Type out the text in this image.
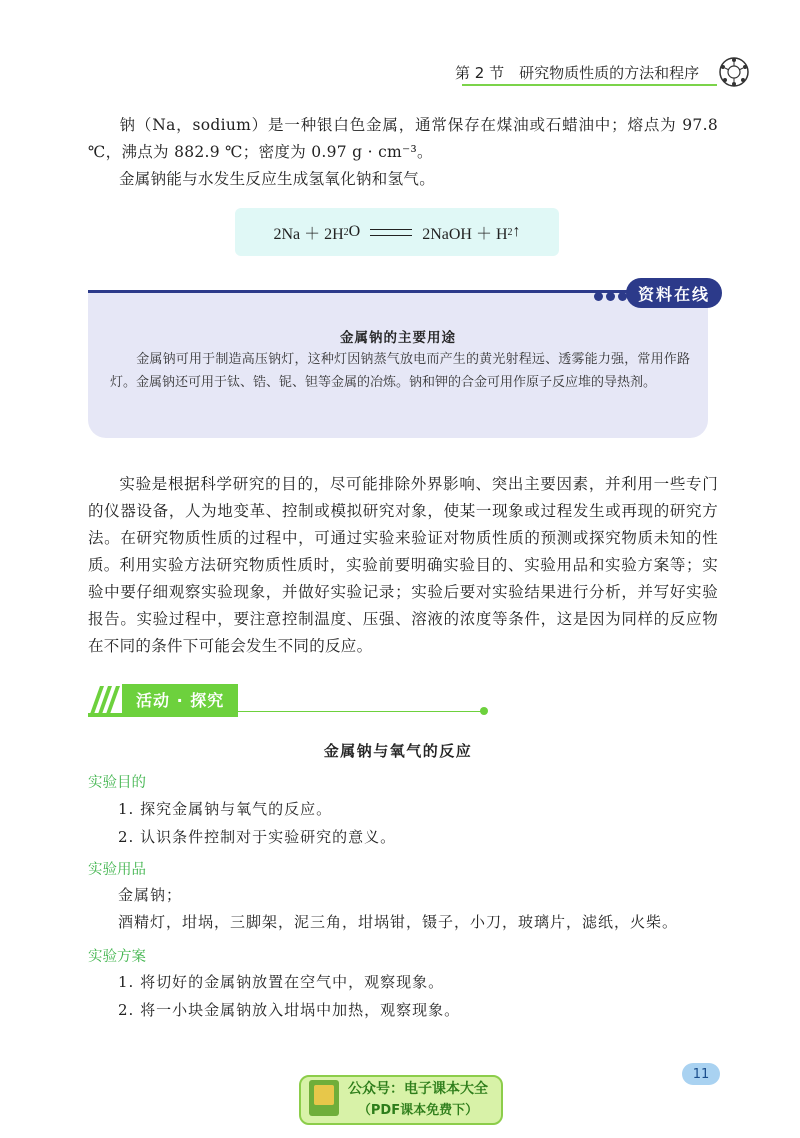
第 2 节　研究物质性质的方法和程序
钠（Na，sodium）是一种银白色金属，通常保存在煤油或石蜡油中；熔点为 97.8 ℃，沸点为 882.9 ℃；密度为 0.97 g · cm⁻³。
金属钠能与水发生反应生成氢氧化钠和氢气。
2Na ＋ 2H 2 O	2NaOH ＋ H 2 ↑
资料在线
金属钠的主要用途
金属钠可用于制造高压钠灯，这种灯因钠蒸气放电而产生的黄光射程远、透雾能力强，常用作路灯。金属钠还可用于钛、锆、铌、钽等金属的冶炼。钠和钾的合金可用作原子反应堆的导热剂。
实验是根据科学研究的目的，尽可能排除外界影响、突出主要因素，并利用一些专门的仪器设备，人为地变革、控制或模拟研究对象，使某一现象或过程发生或再现的研究方法。在研究物质性质的过程中，可通过实验来验证对物质性质的预测或探究物质未知的性质。 利用实验方法研究物质性质时，实验前要明确实验目的、实验用品和实验方案等；实验中要仔细观察实验现象，并做好实验记录；实验后要对实验结果进行分析，并写好实验报告。实验过程中，要注意控制温度、压强、溶液的浓度等条件，这是因为同样的反应物在不同的条件下可能会发生不同的反应。
活动 · 探究
金属钠与氧气的反应
实验目的
1. 探究金属钠与氧气的反应。
2. 认识条件控制对于实验研究的意义。
实验用品
金属钠；
酒精灯，坩埚，三脚架，泥三角，坩埚钳，镊子，小刀，玻璃片，滤纸，火柴。
实验方案
1. 将切好的金属钠放置在空气中，观察现象。
2. 将一小块金属钠放入坩埚中加热，观察现象。
11
公众号：电子课本大全
（PDF课本免费下）
